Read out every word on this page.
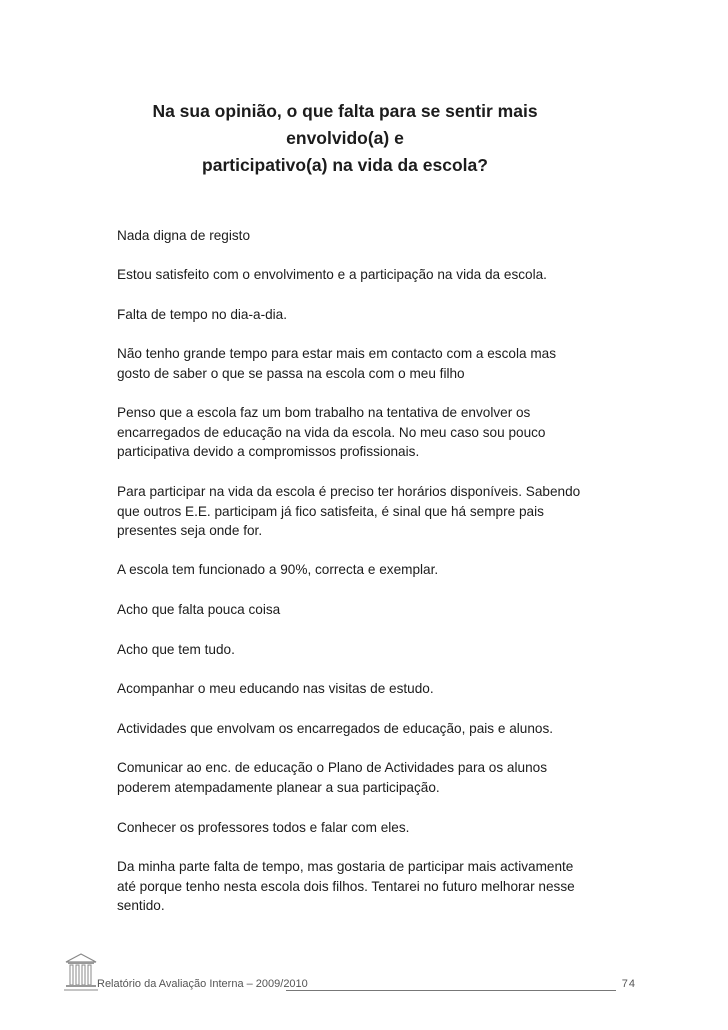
Na sua opinião, o que falta para se sentir mais envolvido(a) e
participativo(a) na vida da escola?

Nada digna de registo

Estou satisfeito com o envolvimento e a participação na vida da escola.

Falta de tempo no dia-a-dia.

Não tenho grande tempo para estar mais em contacto com a escola mas gosto de saber o que se passa na escola com o meu filho

Penso que a escola faz um bom trabalho na tentativa de envolver os encarregados de educação na vida da escola. No meu caso sou pouco participativa devido a compromissos profissionais.

Para participar na vida da escola é preciso ter horários disponíveis. Sabendo que outros E.E. participam já fico satisfeita, é sinal que há sempre pais presentes seja onde for.

A escola tem funcionado a 90%, correcta e exemplar.

Acho que falta pouca coisa

Acho que tem tudo.

Acompanhar o meu educando nas visitas de estudo.

Actividades que envolvam os encarregados de educação, pais e alunos.

Comunicar ao enc. de educação o Plano de Actividades para os alunos poderem atempadamente planear a sua participação.

Conhecer os professores todos e falar com eles.

Da minha parte falta de tempo, mas gostaria de participar mais activamente até porque tenho nesta escola dois filhos. Tentarei no futuro melhorar nesse sentido.

Relatório da Avaliação Interna – 2009/2010	74
